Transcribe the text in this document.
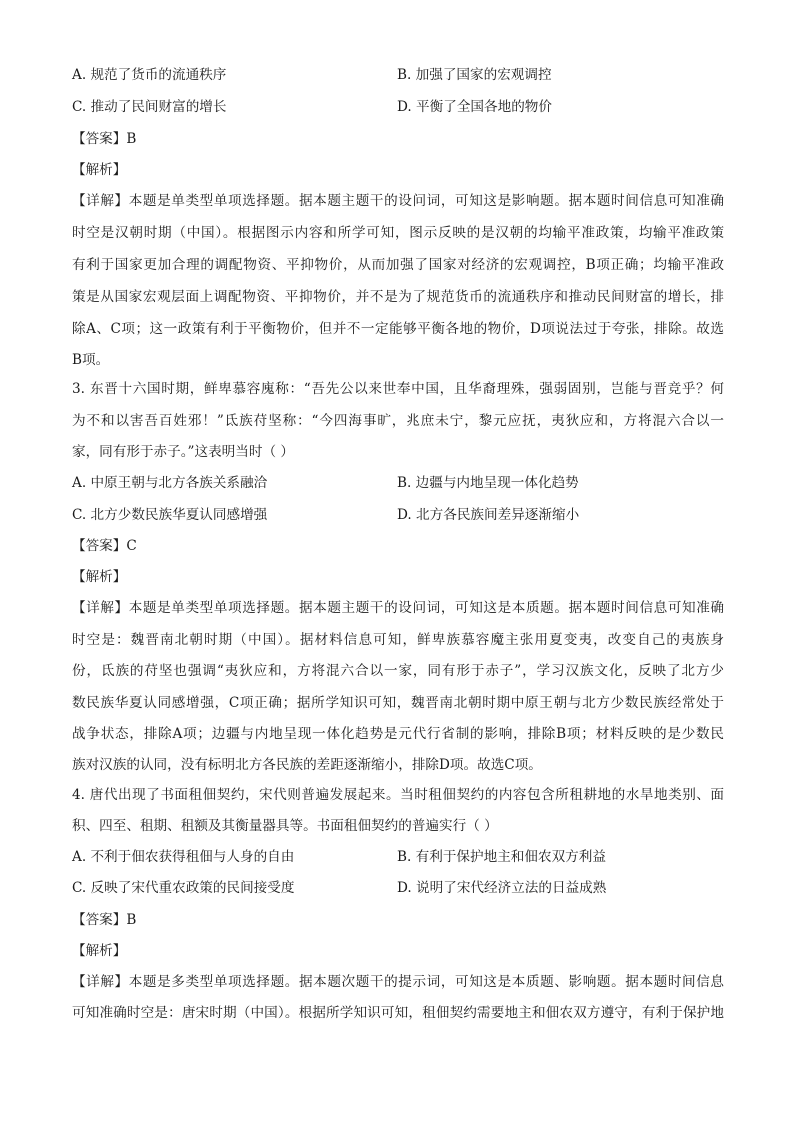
A. 规范了货币的流通秩序	B. 加强了国家的宏观调控
C. 推动了民间财富的增长	D. 平衡了全国各地的物价
【答案】B
【解析】
【详解】本题是单类型单项选择题。据本题主题干的设问词，可知这是影响题。据本题时间信息可知准确
时空是汉朝时期（中国）。根据图示内容和所学可知，图示反映的是汉朝的均输平准政策，均输平准政策
有利于国家更加合理的调配物资、平抑物价，从而加强了国家对经济的宏观调控，B项正确；均输平准政
策是从国家宏观层面上调配物资、平抑物价，并不是为了规范货币的流通秩序和推动民间财富的增长，排
除A、C项；这一政策有利于平衡物价，但并不一定能够平衡各地的物价，D项说法过于夸张，排除。故选
B项。
3. 东晋十六国时期，鲜卑慕容廆称：“吾先公以来世奉中国，且华裔理殊，强弱固别，岂能与晋竞乎？何
为不和以害吾百姓邪！”氐族苻坚称：“今四海事旷，兆庶未宁，黎元应抚，夷狄应和，方将混六合以一
家，同有形于赤子。”这表明当时（ ）
A. 中原王朝与北方各族关系融洽	B. 边疆与内地呈现一体化趋势
C. 北方少数民族华夏认同感增强	D. 北方各民族间差异逐渐缩小
【答案】C
【解析】
【详解】本题是单类型单项选择题。据本题主题干的设问词，可知这是本质题。据本题时间信息可知准确
时空是：魏晋南北朝时期（中国）。据材料信息可知，鲜卑族慕容魔主张用夏变夷，改变自己的夷族身
份，氐族的苻坚也强调“夷狄应和，方将混六合以一家，同有形于赤子”，学习汉族文化，反映了北方少
数民族华夏认同感增强，C项正确；据所学知识可知，魏晋南北朝时期中原王朝与北方少数民族经常处于
战争状态，排除A项；边疆与内地呈现一体化趋势是元代行省制的影响，排除B项；材料反映的是少数民
族对汉族的认同，没有标明北方各民族的差距逐渐缩小，排除D项。故选C项。
4. 唐代出现了书面租佃契约，宋代则普遍发展起来。当时租佃契约的内容包含所租耕地的水旱地类别、面
积、四至、租期、租额及其衡量器具等。书面租佃契约的普遍实行（ ）
A. 不利于佃农获得租佃与人身的自由	B. 有利于保护地主和佃农双方利益
C. 反映了宋代重农政策的民间接受度	D. 说明了宋代经济立法的日益成熟
【答案】B
【解析】
【详解】本题是多类型单项选择题。据本题次题干的提示词，可知这是本质题、影响题。据本题时间信息
可知准确时空是：唐宋时期（中国）。根据所学知识可知，租佃契约需要地主和佃农双方遵守，有利于保护地
